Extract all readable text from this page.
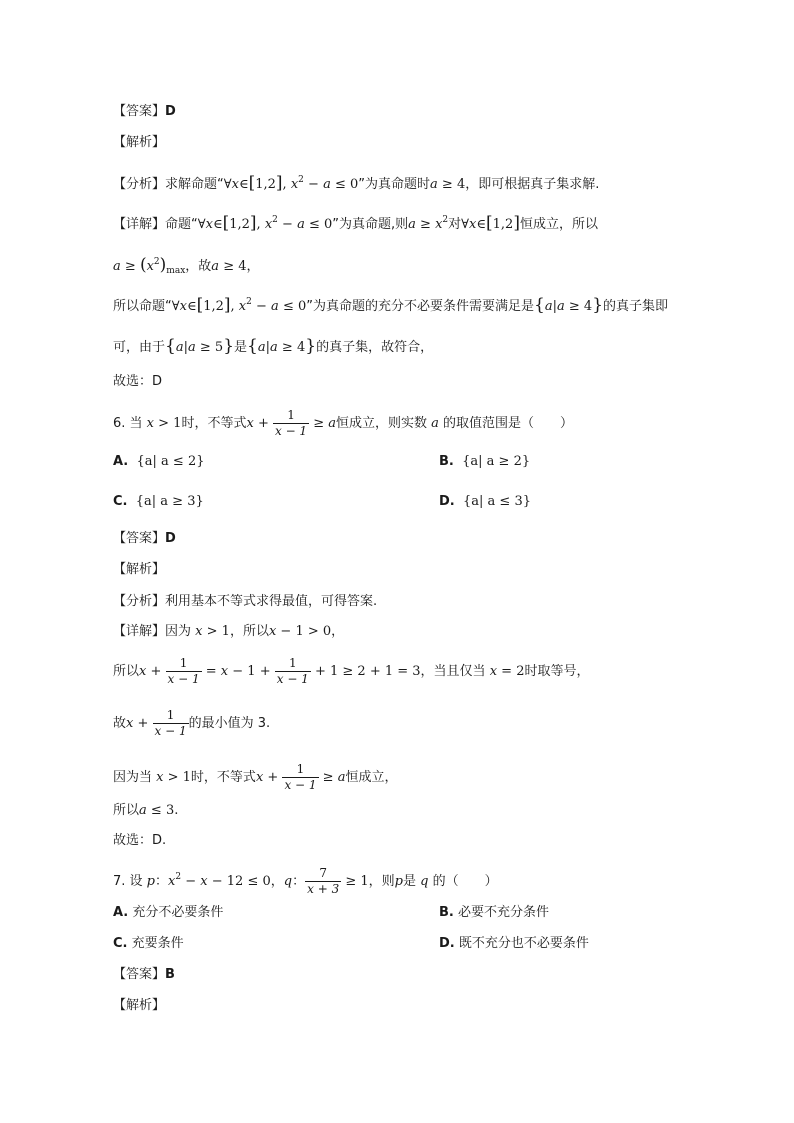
【答案】D
【解析】
【分析】求解命题“∀x∈[1,2], $x^2 - a \le 0$”为真命题时a ≥ 4，即可根据真子集求解.
【详解】命题“∀x∈[1,2], $x^2 - a \le 0$”为真命题,则$a \ge x^2$对∀x∈[1,2]恒成立，所以
$a \ge (x^2)_{max}$，故a ≥ 4，
所以命题“∀x∈[1,2], $x^2 - a \le 0$”为真命题的充分不必要条件需要满足是{a|a ≥ 4}的真子集即
可，由于{a|a ≥ 5}是{a|a ≥ 4}的真子集，故符合，
故选：D
6. 当 x > 1时，不等式$x + \frac{1}{x - 1} \ge a$恒成立，则实数 a 的取值范围是（　　）
A. {a| a ≤ 2}	B. {a| a ≥ 2}
C. {a| a ≥ 3}	D. {a| a ≤ 3}
【答案】D
【解析】
【分析】利用基本不等式求得最值，可得答案.
【详解】因为 x > 1，所以x − 1 > 0，
所以$x + \frac{1}{x - 1} = x - 1 + \frac{1}{x - 1} + 1 \ge 2 + 1 = 3$，当且仅当 x = 2时取等号，
故$x + \frac{1}{x - 1}$ 的最小值为 3.
因为当 x > 1时，不等式$x + \frac{1}{x - 1} \ge a$恒成立，
所以a ≤ 3.
故选：D.
7. 设 p：$x^2 - x - 12 \le 0$，q： $\frac{7}{x + 3} \ge 1$，则p是 q 的（　　）
A. 充分不必要条件	B. 必要不充分条件
C. 充要条件	D. 既不充分也不必要条件
【答案】B
【解析】
